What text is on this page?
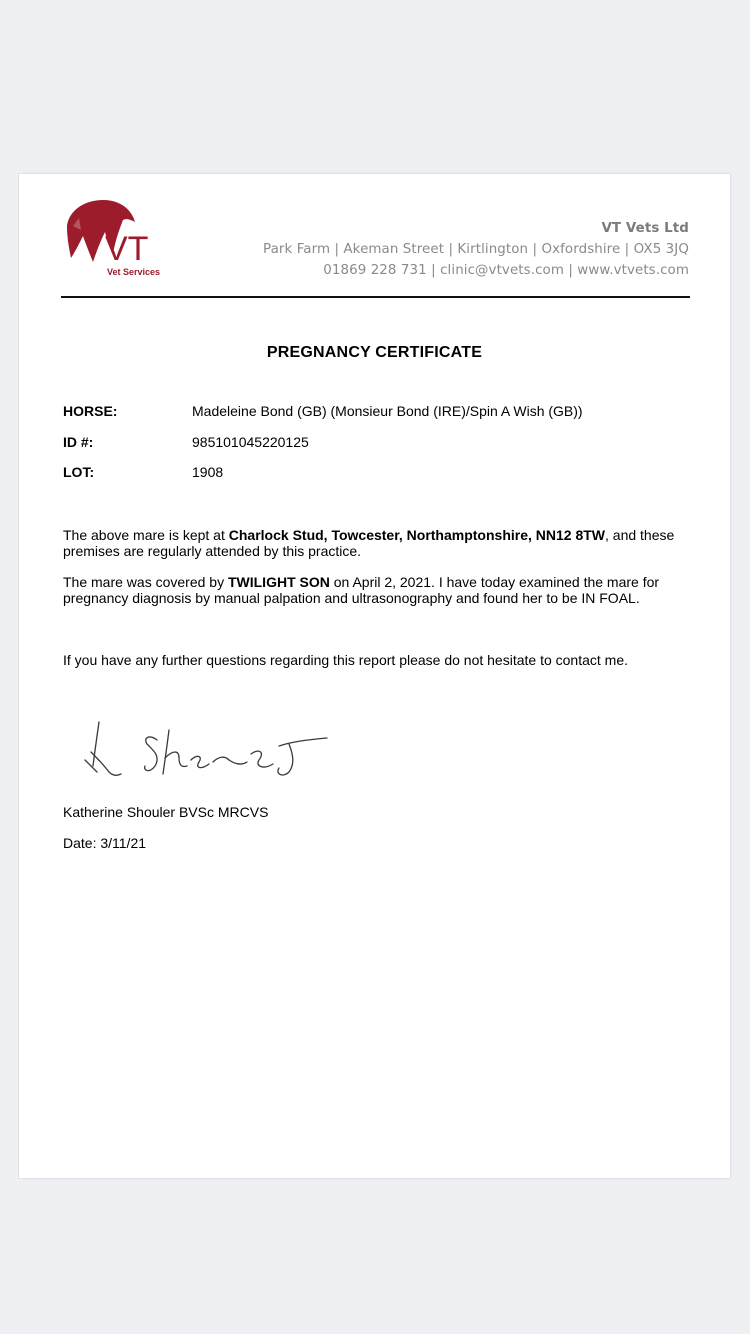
VT
Vet Services
VT Vets Ltd
Park Farm | Akeman Street | Kirtlington | Oxfordshire | OX5 3JQ
01869 228 731 | clinic@vtvets.com | www.vtvets.com
PREGNANCY CERTIFICATE
HORSE:	Madeleine Bond (GB) (Monsieur Bond (IRE)/Spin A Wish (GB))
ID #:	985101045220125
LOT:	1908
The above mare is kept at Charlock Stud, Towcester, Northamptonshire, NN12 8TW, and these premises are regularly attended by this practice.
The mare was covered by TWILIGHT SON on April 2, 2021. I have today examined the mare for pregnancy diagnosis by manual palpation and ultrasonography and found her to be IN FOAL.
If you have any further questions regarding this report please do not hesitate to contact me.
Katherine Shouler BVSc MRCVS
Date: 3/11/21
